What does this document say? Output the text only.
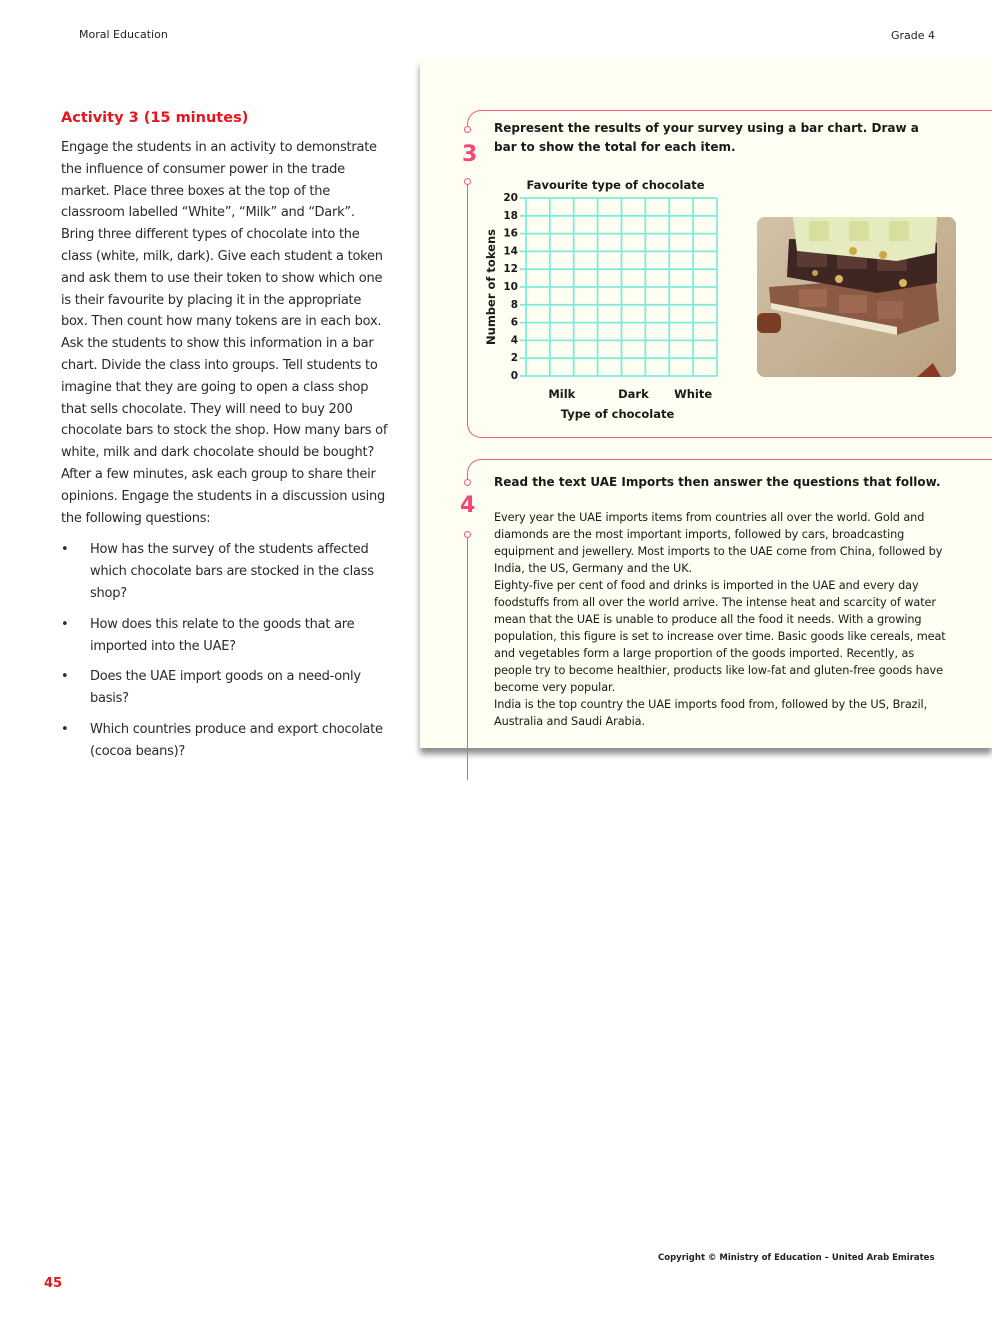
Moral Education	Grade 4
Activity 3 (15 minutes)

Engage the students in an activity to demonstrate the influence of consumer power in the trade market. Place three boxes at the top of the classroom labelled “White”, “Milk” and “Dark”. Bring three different types of chocolate into the class (white, milk, dark). Give each student a token and ask them to use their token to show which one is their favourite by placing it in the appropriate box. Then count how many tokens are in each box. Ask the students to show this information in a bar chart. Divide the class into groups. Tell students to imagine that they are going to open a class shop that sells chocolate. They will need to buy 200 chocolate bars to stock the shop. How many bars of white, milk and dark chocolate should be bought? After a few minutes, ask each group to share their opinions. Engage the students in a discussion using the following questions:

• How has the survey of the students affected which chocolate bars are stocked in the class shop?
• How does this relate to the goods that are imported into the UAE?
• Does the UAE import goods on a need-only basis?
• Which countries produce and export chocolate (cocoa beans)?
3
Represent the results of your survey using a bar chart. Draw a bar to show the total for each item.
Favourite type of chocolate
0
2
4
6
8
10
12
14
16
18
20
Milk	Dark White
Type of chocolate
Number of tokens
4
Read the text UAE Imports then answer the questions that follow.

Every year the UAE imports items from countries all over the world. Gold and diamonds are the most important imports, followed by cars, broadcasting equipment and jewellery. Most imports to the UAE come from China, followed by India, the US, Germany and the UK.

Eighty-five per cent of food and drinks is imported in the UAE and every day foodstuffs from all over the world arrive. The intense heat and scarcity of water mean that the UAE is unable to produce all the food it needs. With a growing population, this figure is set to increase over time. Basic goods like cereals, meat and vegetables form a large proportion of the goods imported. Recently, as people try to become healthier, products like low-fat and gluten-free goods have become very popular.

India is the top country the UAE imports food from, followed by the US, Brazil, Australia and Saudi Arabia.

Copyright © Ministry of Education – United Arab Emirates
45
